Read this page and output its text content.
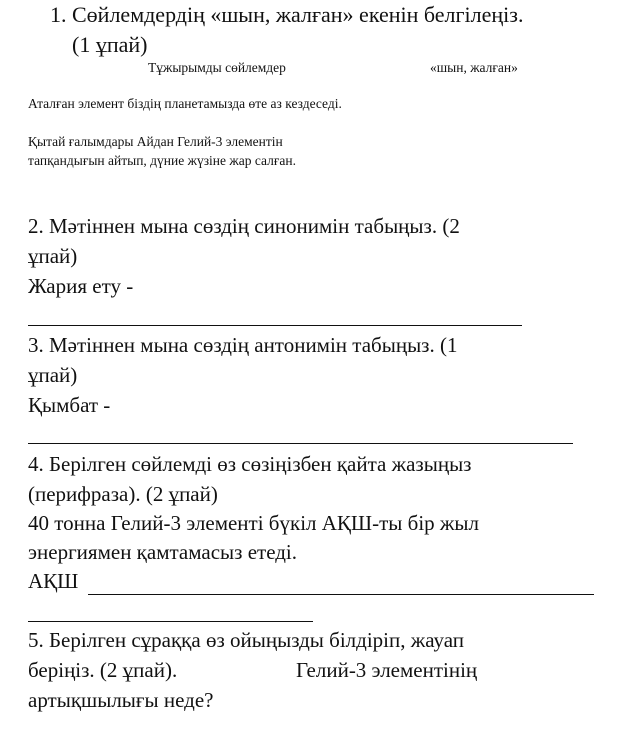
1. Сөйлемдердің «шын, жалған» екенін белгілеңіз.
(1 ұпай)
Тұжырымды сөйлемдер	«шын, жалған»
Аталған элемент біздің планетамызда өте аз кездеседі.
Қытай ғалымдары Айдан Гелий-3 элементін
тапқандығын айтып, дүние жүзіне жар салған.
2. Мәтіннен мына сөздің синонимін табыңыз. (2
ұпай)
Жария ету -
3. Мәтіннен мына сөздің антонимін табыңыз. (1
ұпай)
Қымбат -
4. Берілген сөйлемді өз сөзіңізбен қайта жазыңыз
(перифраза). (2 ұпай)
40 тонна Гелий-3 элементі бүкіл АҚШ-ты бір жыл
энергиямен қамтамасыз етеді.
АҚШ
5. Берілген сұраққа өз ойыңызды білдіріп, жауап
беріңіз. (2 ұпай).	Гелий-3 элементінің
артықшылығы неде?
